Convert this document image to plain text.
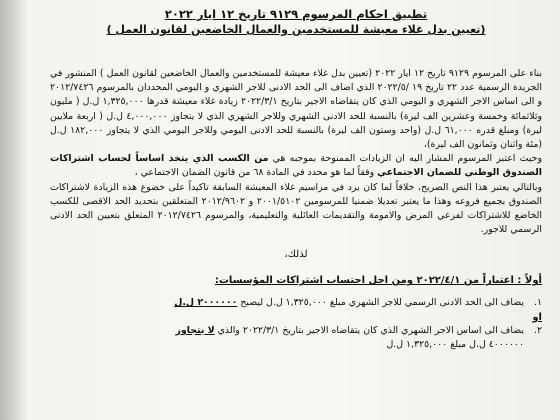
تطبيق احكام المرسوم ٩١٢٩ تاريخ ١٢ ايار ٢٠٢٢

(تعيين بدل غلاء معيشة للمستخدمين والعمال الخاضعين لقانون العمل )

بناء على المرسوم ٩١٢٩ تاريخ ١٢ ايار ٢٠٢٢ (تعيين بدل غلاء معيشة للمستخدمين والعمال الخاضعين لقانون العمل ) المنشور في الجريدة الرسمية عدد ٢٢ تاريخ ١٩ /٢٠٢٢/٥ الذي اضاف الى الحد الادنى للاجر الشهري و اليومي المحددان بالمرسوم ٢٠١٢/٧٤٢٦ و الى اساس الاجر الشهري و اليومي الذي كان يتقاضاه الاجير بتاريخ ٢٠٢٢/٣/١ زيادة غلاء معيشة قدرها ١,٣٢٥,٠٠٠ ل.ل ( مليون وثلاثمائة وخمسة وعشرين الف ليرة) بالنسبة للحد الادنى الشهري وللاجر الشهري الذي لا يتجاوز ٤,٠٠٠,٠٠٠ ل.ل ( اربعة ملايين ليرة) ومبلغ قدره ٦١,٠٠٠ ل.ل (واحد وستون الف ليرة) بالنسبة للحد الادنى اليومي وللاجر اليومي الذي لا يتجاوز ١٨٢,٠٠٠ ل.ل (مئة واثنان وثمانون الف ليرة)،

وحيث اعتبر المرسوم المشار اليه ان الزيادات الممنوحة بموجبه هي من الكسب الذي يتخذ اساساً لحساب اشتراكات الصندوق الوطني للضمان الاجتماعي وفقاً لما هو محدد في المادة ٦٨ من قانون الضمان الاجتماعي ،

وبالتالي يعتبر هذا النص الصريح، خلافاً لما كان يرد في مراسيم غلاء المعيشة السابقة تاكيداً على خضوع هذه الزيادة لاشتراكات الصندوق بجميع فروعه وهذا ما يعتبر تعديلا ضمنيا للمرسومين ٢٠٠١/٥١٠٢ و ٢٠١٢/٩٦٠٢ المتعلقين بتحديد الحد الاقصى للكسب الخاضع للاشتراكات لفرعي المرض والامومة والتقديمات العائلية والتعليمية، والمرسوم ٢٠١٢/٧٤٢٦ المتعلق بتعيين الحد الادنى الرسمي للاجور.

لذلك،

أولاً : اعتباراً من ٢٠٢٢/٤/١ ومن اجل احتساب اشتراكات المؤسسات:

١.
يضاف الى الحد الادنى الرسمي للاجر الشهري مبلغ ١,٣٢٥,٠٠٠ ل.ل ليصبح ٢٠٠٠٠٠٠ ل.ل

او

٢.
يضاف الى اساس الاجر الشهري الذي كان يتقاضاه الاجير بتاريخ ٢٠٢٢/٣/١ والذي لا يتجاوز
٤٠٠٠٠٠٠ ل.ل مبلغ ١,٣٢٥,٠٠٠ ل.ل
